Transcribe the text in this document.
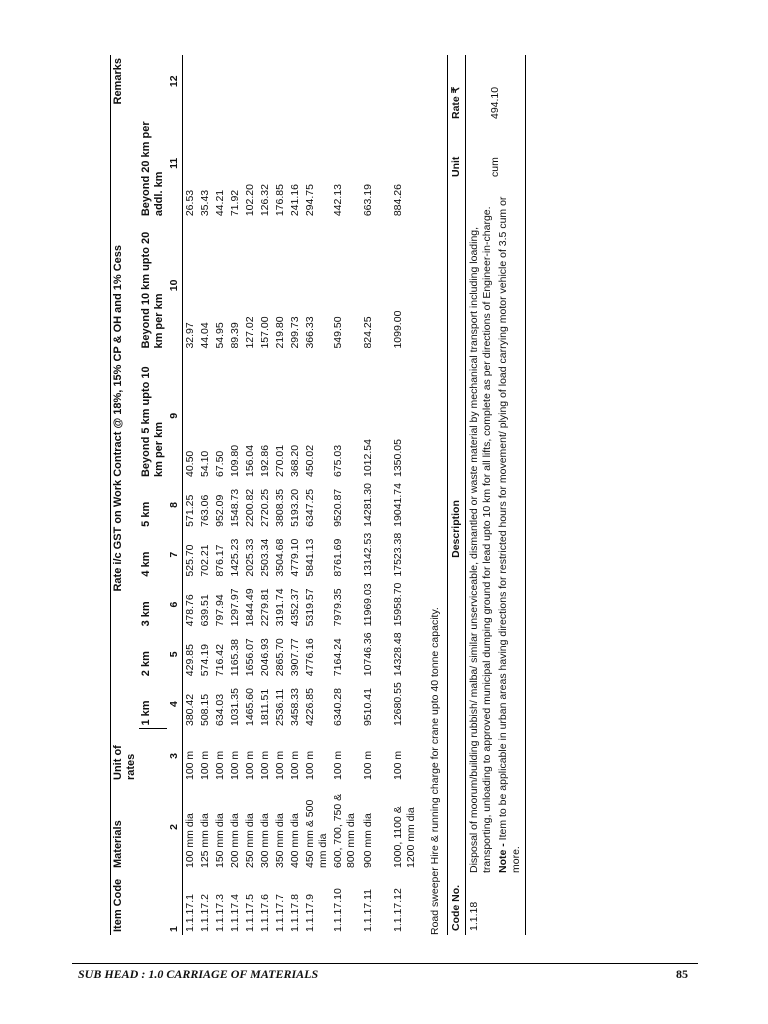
Item Code	Materials	Unit of rates	Rate i/c GST on Work Contract @ 18%, 15% CP & OH and 1% Cess								Remarks
			1 km	2 km	3 km	4 km	5 km	Beyond 5 km upto 10 km per km	Beyond 10 km upto 20 km per km	Beyond 20 km per addl. km	
1	2	3	4	5	6	7	8	9	10	11	12
1.1.17.1	100 mm dia	100 m	380.42	429.85	478.76	525.70	571.25	40.50	32.97	26.53	
1.1.17.2	125 mm dia	100 m	508.15	574.19	639.51	702.21	763.06	54.10	44.04	35.43	
1.1.17.3	150 mm dia	100 m	634.03	716.42	797.94	876.17	952.09	67.50	54.95	44.21	
1.1.17.4	200 mm dia	100 m	1031.35	1165.38	1297.97	1425.23	1548.73	109.80	89.39	71.92	
1.1.17.5	250 mm dia	100 m	1465.60	1656.07	1844.49	2025.33	2200.82	156.04	127.02	102.20	
1.1.17.6	300 mm dia	100 m	1811.51	2046.93	2279.81	2503.34	2720.25	192.86	157.00	126.32	
1.1.17.7	350 mm dia	100 m	2536.11	2865.70	3191.74	3504.68	3808.35	270.01	219.80	176.85	
1.1.17.8	400 mm dia	100 m	3458.33	3907.77	4352.37	4779.10	5193.20	368.20	299.73	241.16	
1.1.17.9	450 mm & 500 mm dia	100 m	4226.85	4776.16	5319.57	5841.13	6347.25	450.02	366.33	294.75	
1.1.17.10	600, 700, 750 & 800 mm dia	100 m	6340.28	7164.24	7979.35	8761.69	9520.87	675.03	549.50	442.13	
1.1.17.11	900 mm dia	100 m	9510.41	10746.36	11969.03	13142.53	14281.30	1012.54	824.25	663.19	
1.1.17.12	1000, 1100 & 1200 mm dia	100 m	12680.55	14328.48	15958.70	17523.38	19041.74	1350.05	1099.00	884.26	
Road sweeper Hire & running charge for crane upto 40 tonne capacity. Code No.	Description	Unit	Rate ₹
1.1.18	Disposal of moorum/building rubbish/ malba/ similar unserviceable, dismantled or waste material by mechanical transport including loading, transporting, unloading to approved municipal dumping ground for lead upto 10 km for all lifts, complete as per directions of Engineer-in-charge. Note - Item to be applicable in urban areas having directions for restricted hours for movement/ plying of load carrying motor vehicle of 3.5 cum or more.	cum	494.10
SUB HEAD : 1.0 CARRIAGE OF MATERIALS	85
